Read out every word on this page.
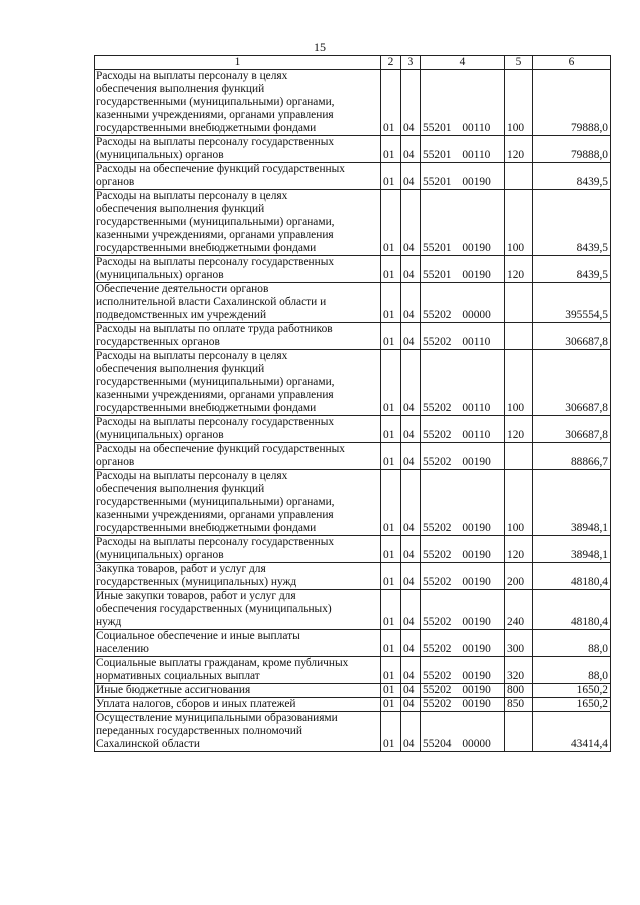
15
1	2	3	4	5	6
Расходы на выплаты персоналу в целях
обеспечения выполнения функций
государственными (муниципальными) органами,
казенными учреждениями, органами управления
государственными внебюджетными фондами	01	04	55201 00110	100	79888,0
Расходы на выплаты персоналу государственных
(муниципальных) органов	01	04	55201 00110	120	79888,0
Расходы на обеспечение функций государственных
органов	01	04	55201 00190		8439,5
Расходы на выплаты персоналу в целях
обеспечения выполнения функций
государственными (муниципальными) органами,
казенными учреждениями, органами управления
государственными внебюджетными фондами	01	04	55201 00190	100	8439,5
Расходы на выплаты персоналу государственных
(муниципальных) органов	01	04	55201 00190	120	8439,5
Обеспечение деятельности органов
исполнительной власти Сахалинской области и
подведомственных им учреждений	01	04	55202 00000		395554,5
Расходы на выплаты по оплате труда работников
государственных органов	01	04	55202 00110		306687,8
Расходы на выплаты персоналу в целях
обеспечения выполнения функций
государственными (муниципальными) органами,
казенными учреждениями, органами управления
государственными внебюджетными фондами	01	04	55202 00110	100	306687,8
Расходы на выплаты персоналу государственных
(муниципальных) органов	01	04	55202 00110	120	306687,8
Расходы на обеспечение функций государственных
органов	01	04	55202 00190		88866,7
Расходы на выплаты персоналу в целях
обеспечения выполнения функций
государственными (муниципальными) органами,
казенными учреждениями, органами управления
государственными внебюджетными фондами	01	04	55202 00190	100	38948,1
Расходы на выплаты персоналу государственных
(муниципальных) органов	01	04	55202 00190	120	38948,1
Закупка товаров, работ и услуг для
государственных (муниципальных) нужд	01	04	55202 00190	200	48180,4
Иные закупки товаров, работ и услуг для
обеспечения государственных (муниципальных)
нужд	01	04	55202 00190	240	48180,4
Социальное обеспечение и иные выплаты
населению	01	04	55202 00190	300	88,0
Социальные выплаты гражданам, кроме публичных
нормативных социальных выплат	01	04	55202 00190	320	88,0
Иные бюджетные ассигнования	01	04	55202 00190	800	1650,2
Уплата налогов, сборов и иных платежей	01	04	55202 00190	850	1650,2
Осуществление муниципальными образованиями
переданных государственных полномочий
Сахалинской области	01	04	55204 00000		43414,4
